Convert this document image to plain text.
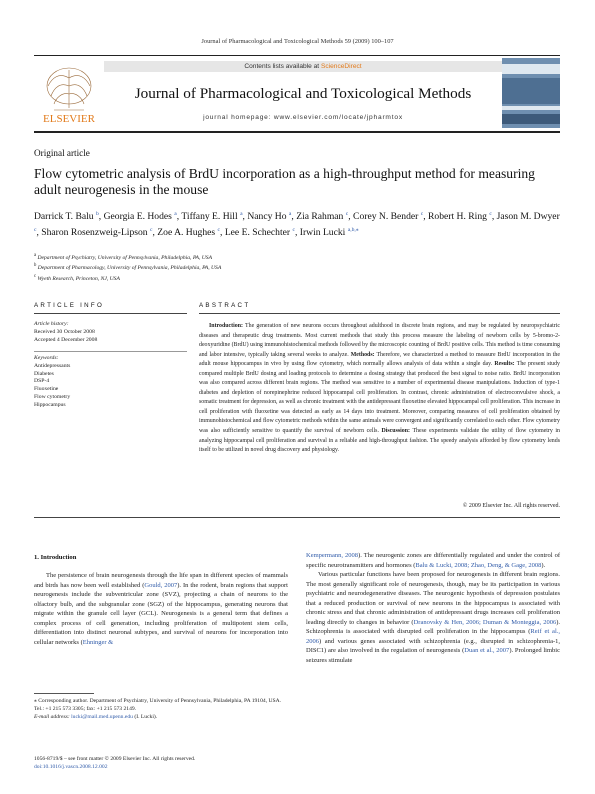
Journal of Pharmacological and Toxicological Methods 59 (2009) 100–107
ELSEVIER
Contents lists available at ScienceDirect
Journal of Pharmacological and Toxicological Methods
journal homepage: www.elsevier.com/locate/jpharmtox
Original article
Flow cytometric analysis of BrdU incorporation as a high-throughput method for measuring adult neurogenesis in the mouse
Darrick T. Balu $^b$, Georgia E. Hodes $^a$, Tiffany E. Hill $^a$, Nancy Ho $^a$, Zia Rahman $^c$, Corey N. Bender $^c$, Robert H. Ring $^c$, Jason M. Dwyer $^c$, Sharon Rosenzweig-Lipson $^c$, Zoe A. Hughes $^c$, Lee E. Schechter $^c$, Irwin Lucki $^{a,b,⁎}$
$^a$ Department of Psychiatry, University of Pennsylvania, Philadelphia, PA, USA
$^b$ Department of Pharmacology, University of Pennsylvania, Philadelphia, PA, USA
$^c$ Wyeth Research, Princeton, NJ, USA
ARTICLE INFO	ABSTRACT
Article history:
Received 30 October 2008
Accepted 4 December 2008
Keywords:
Antidepressants
Diabetes
DSP-4
Fluoxetine
Flow cytometry
Hippocampus

Introduction: The generation of new neurons occurs throughout adulthood in discrete brain regions, and may be regulated by neuropsychiatric diseases and therapeutic drug treatments. Most current methods that study this process measure the labeling of newborn cells by 5-bromo-2-deoxyuridine (BrdU) using immunohistochemical methods followed by the microscopic counting of BrdU positive cells. This method is time consuming and labor intensive, typically taking several weeks to analyze. Methods: Therefore, we characterized a method to measure BrdU incorporation in the adult mouse hippocampus in vivo by using flow cytometry, which normally allows analysis of data within a single day. Results: The present study compared multiple BrdU dosing and loading protocols to determine a dosing strategy that produced the best signal to noise ratio. BrdU incorporation was also compared across different brain regions. The method was sensitive to a number of experimental disease manipulations. Induction of type-1 diabetes and depletion of norepinephrine reduced hippocampal cell proliferation. In contrast, chronic administration of electroconvulsive shock, a somatic treatment for depression, as well as chronic treatment with the antidepressant fluoxetine elevated hippocampal cell proliferation. This increase in cell proliferation with fluoxetine was detected as early as 14 days into treatment. Moreover, comparing measures of cell proliferation obtained by immunohistochemical and flow cytometric methods within the same animals were convergent and significantly correlated to each other. Flow cytometry was also sufficiently sensitive to quantify the survival of newborn cells. Discussion: These experiments validate the utility of flow cytometry in analyzing hippocampal cell proliferation and survival in a reliable and high-throughput fashion. The speedy analysis afforded by flow cytometry lends itself to be utilized in novel drug discovery and physiology.

© 2009 Elsevier Inc. All rights reserved.
1. Introduction

The persistence of brain neurogenesis through the life span in different species of mammals and birds has now been well established (Gould, 2007). In the rodent, brain regions that support neurogenesis include the subventricular zone (SVZ), projecting a chain of neurons to the olfactory bulb, and the subgranular zone (SGZ) of the hippocampus, generating neurons that migrate within the granule cell layer (GCL). Neurogenesis is a general term that defines a complex process of cell generation, including proliferation of multipotent stem cells, differentiation into distinct neuronal subtypes, and survival of neurons for incorporation into cellular networks (Ehninger &

Kempermann, 2008). The neurogenic zones are differentially regulated and under the control of specific neurotransmitters and hormones (Balu & Lucki, 2008; Zhao, Deng, & Gage, 2008).

Various particular functions have been proposed for neurogenesis in different brain regions. The most generally significant role of neurogenesis, though, may be its participation in various psychiatric and neurodegenerative diseases. The neurogenic hypothesis of depression postulates that a reduced production or survival of new neurons in the hippocampus is associated with chronic stress and that chronic administration of antidepressant drugs increases cell proliferation leading directly to changes in behavior (Dranovsky & Hen, 2006; Duman & Monteggia, 2006). Schizophrenia is associated with disrupted cell proliferation in the hippocampus (Reif et al., 2006) and various genes associated with schizophrenia (e.g., disrupted in schizophrenia-1, DISC1) are also involved in the regulation of neurogenesis (Duan et al., 2007). Prolonged limbic seizures stimulate

⁎ Corresponding author. Department of Psychiatry, University of Pennsylvania, Philadelphia, PA 19104, USA. Tel.: +1 215 573 3305; fax: +1 215 573 2149.
E-mail address: lucki@mail.med.upenn.edu (I. Lucki).
1056-8719/$ – see front matter © 2009 Elsevier Inc. All rights reserved.
doi:10.1016/j.vascn.2008.12.002
